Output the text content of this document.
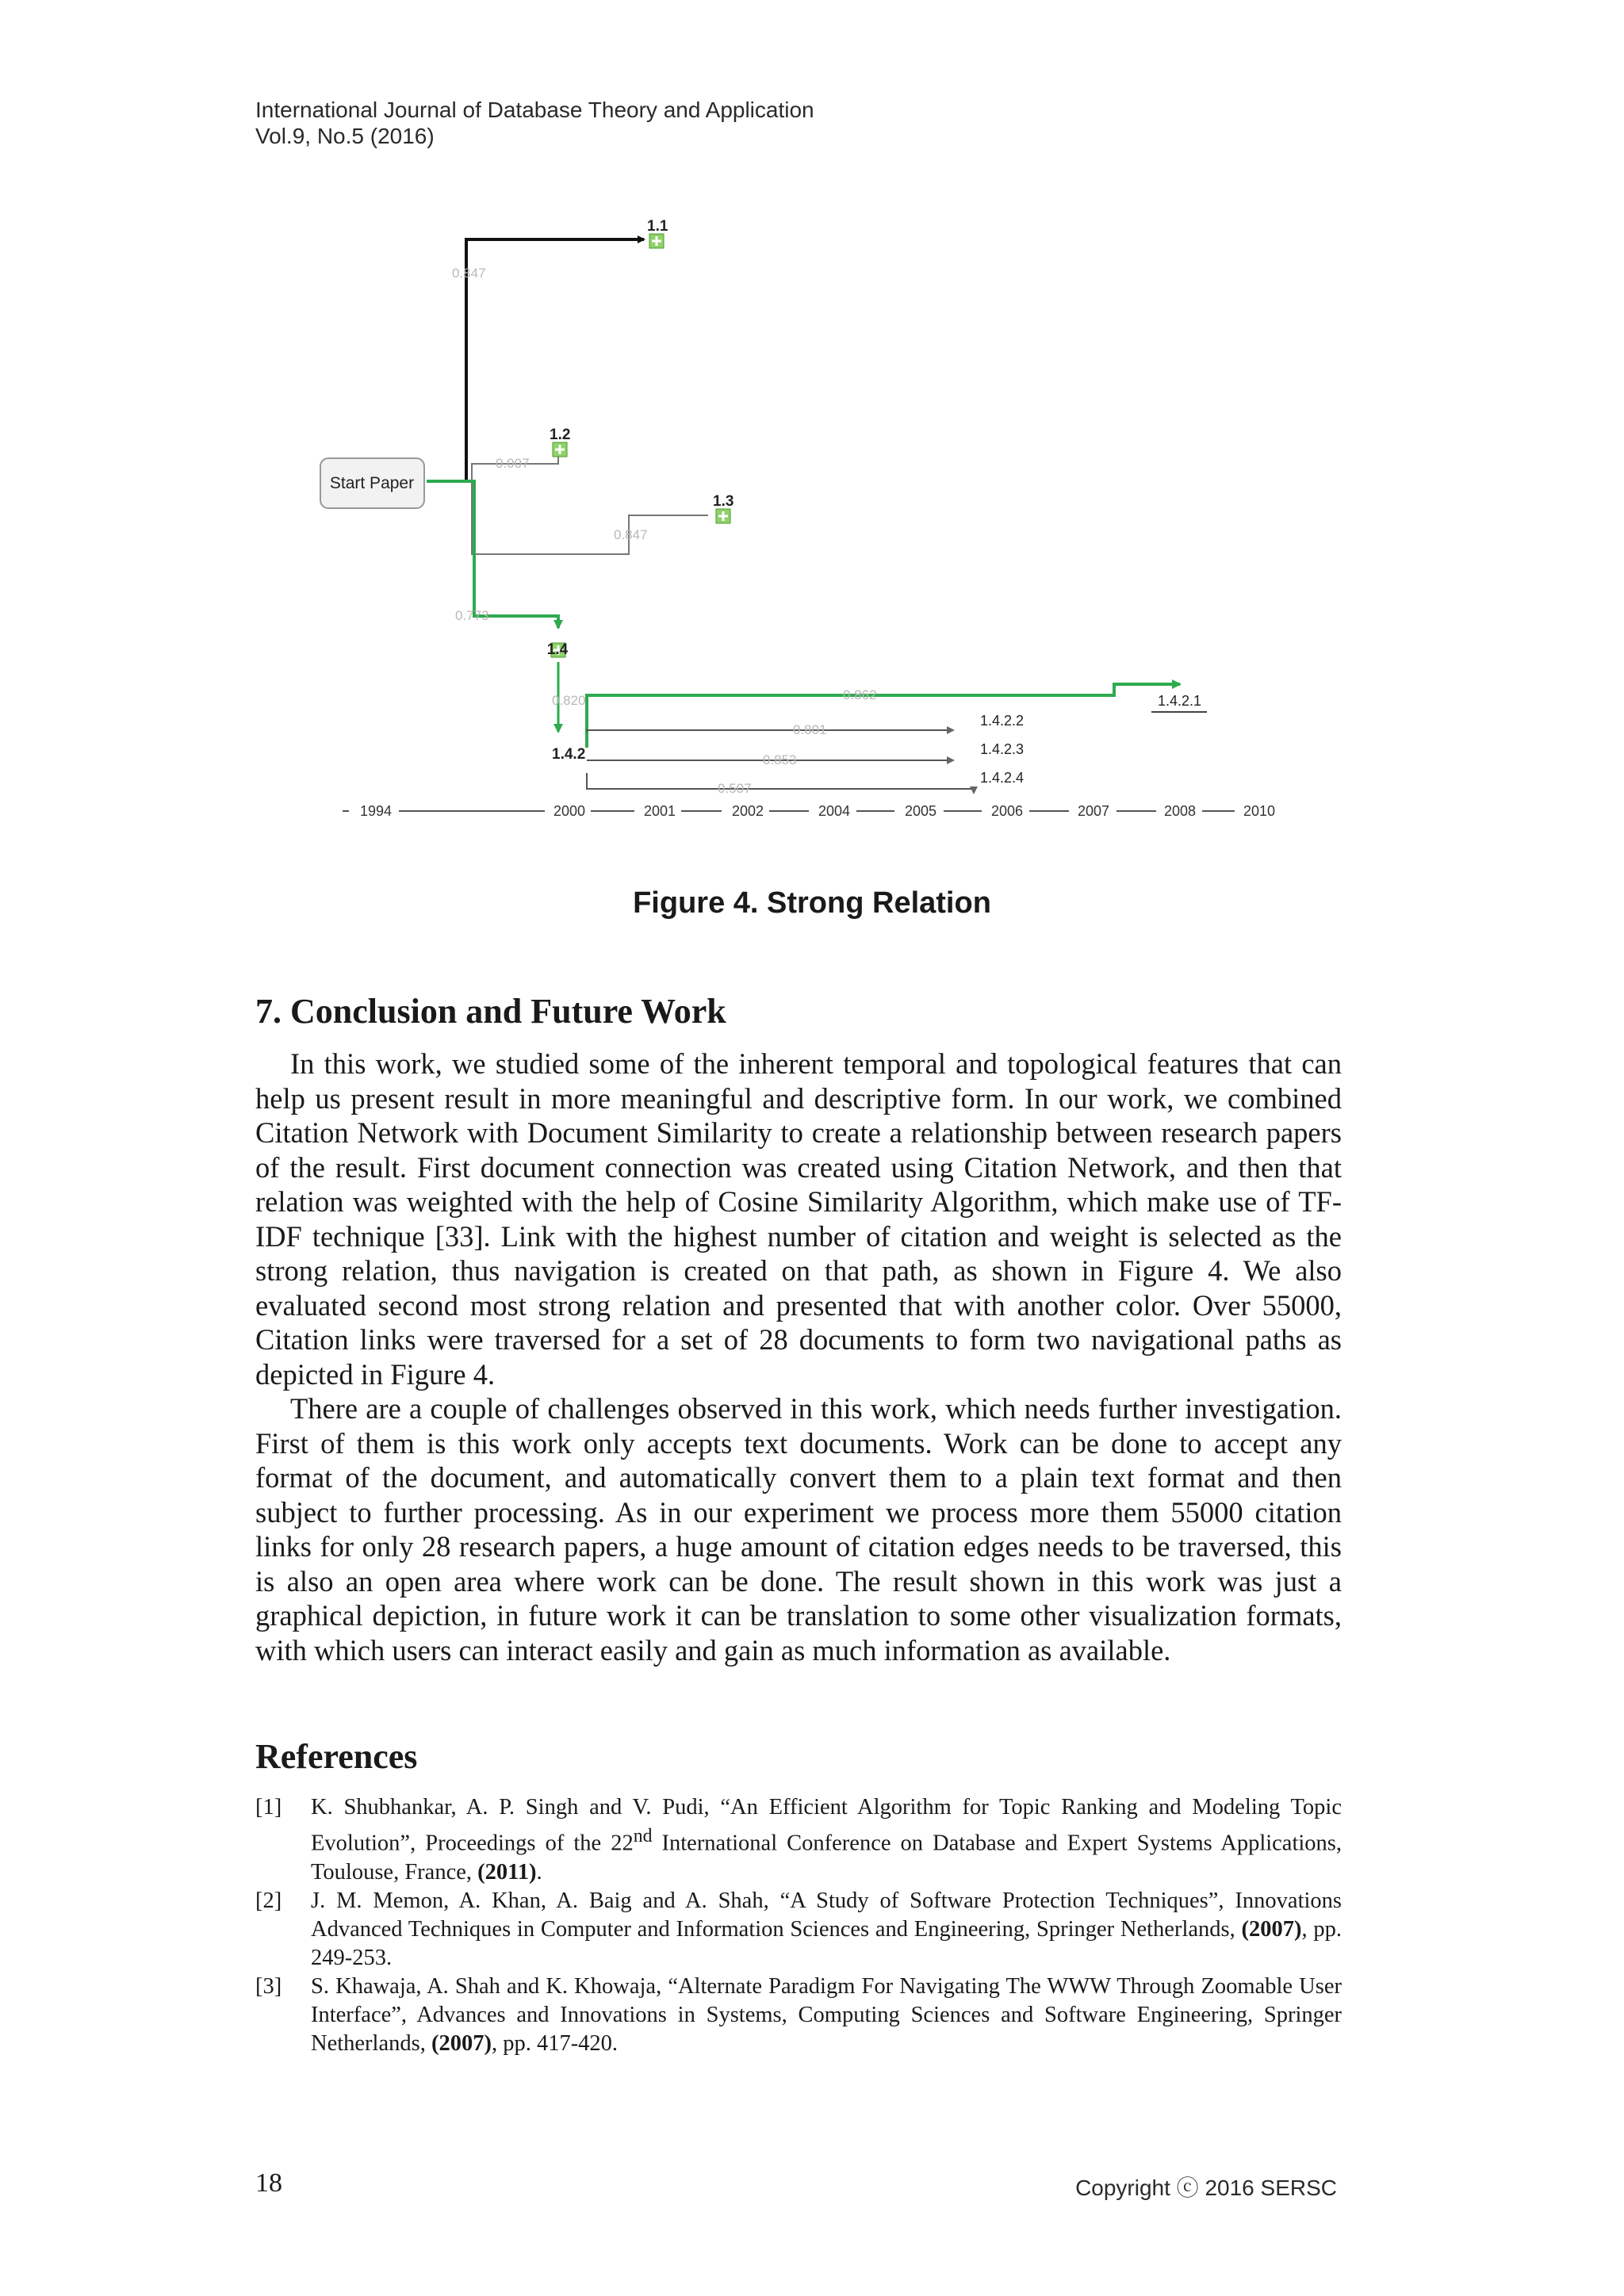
International Journal of Database Theory and Application
Vol.9, No.5 (2016)
Start Paper
1.1
1.2
1.3
1.4
1.4.2
1.4.2.1
1.4.2.2
1.4.2.3
1.4.2.4
0.847
0.007
0.847
0.773
0.820	0.862
0.801
0.853
0.507
1994	2000	2001	2002	2004	2005	2006	2007	2008	2010
Figure 4. Strong Relation
7. Conclusion and Future Work

In this work, we studied some of the inherent temporal and topological features that can help us present result in more meaningful and descriptive form. In our work, we combined Citation Network with Document Similarity to create a relationship between research papers of the result. First document connection was created using Citation Network, and then that relation was weighted with the help of Cosine Similarity Algorithm, which make use of TF-IDF technique [33]. Link with the highest number of citation and weight is selected as the strong relation, thus navigation is created on that path, as shown in Figure 4. We also evaluated second most strong relation and presented that with another color. Over 55000, Citation links were traversed for a set of 28 documents to form two navigational paths as depicted in Figure 4.

There are a couple of challenges observed in this work, which needs further investigation. First of them is this work only accepts text documents. Work can be done to accept any format of the document, and automatically convert them to a plain text format and then subject to further processing. As in our experiment we process more them 55000 citation links for only 28 research papers, a huge amount of citation edges needs to be traversed, this is also an open area where work can be done. The result shown in this work was just a graphical depiction, in future work it can be translation to some other visualization formats, with which users can interact easily and gain as much information as available.

References
[1]	K. Shubhankar, A. P. Singh and V. Pudi, “An Efficient Algorithm for Topic Ranking and Modeling Topic Evolution”, Proceedings of the 22nd International Conference on Database and Expert Systems Applications, Toulouse, France, (2011).
[2]	J. M. Memon, A. Khan, A. Baig and A. Shah, “A Study of Software Protection Techniques”, Innovations Advanced Techniques in Computer and Information Sciences and Engineering, Springer Netherlands, (2007), pp. 249-253.
[3]	S. Khawaja, A. Shah and K. Khowaja, “Alternate Paradigm For Navigating The WWW Through Zoomable User Interface”, Advances and Innovations in Systems, Computing Sciences and Software Engineering, Springer Netherlands, (2007), pp. 417-420.
18	Copyright ⓒ 2016 SERSC
